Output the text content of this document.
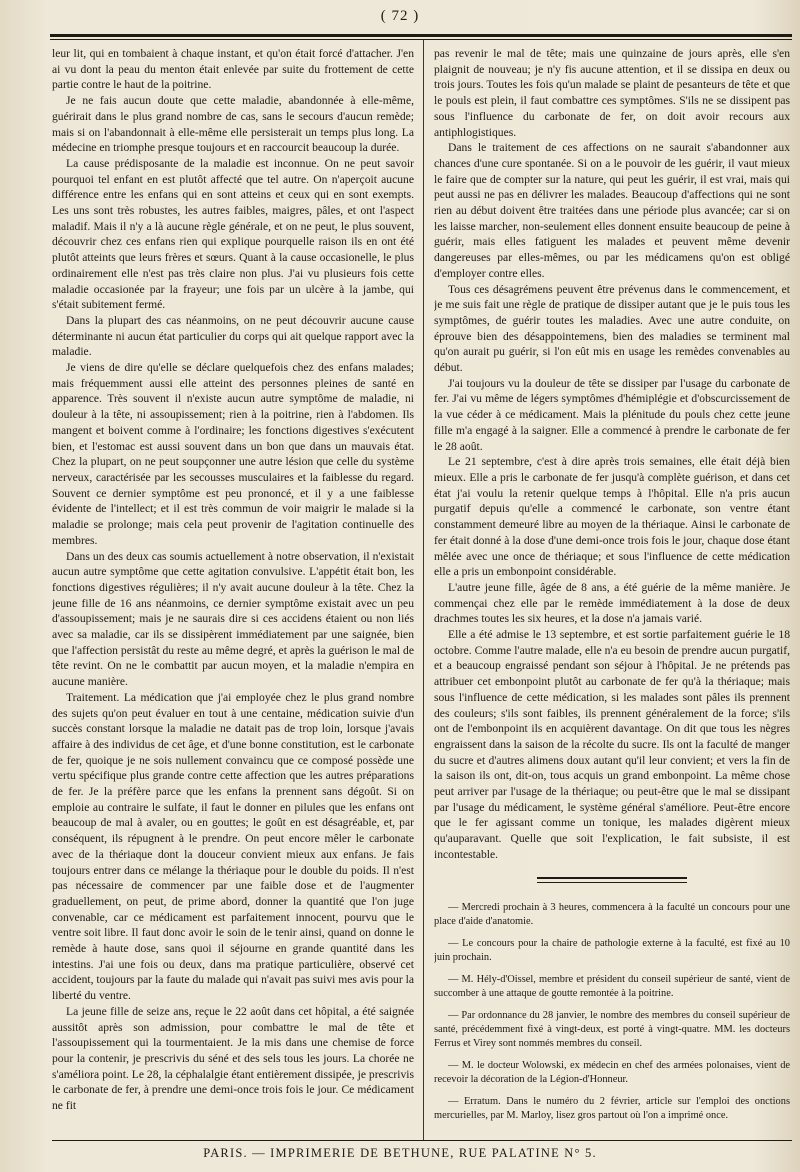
( 72 )

leur lit, qui en tombaient à chaque instant, et qu'on était forcé d'attacher. J'en ai vu dont la peau du menton était enlevée par suite du frottement de cette partie contre le haut de la poitrine.

Je ne fais aucun doute que cette maladie, abandonnée à elle-même, guérirait dans le plus grand nombre de cas, sans le secours d'aucun remède; mais si on l'abandonnait à elle-même elle persisterait un temps plus long. La médecine en triomphe presque toujours et en raccourcit beaucoup la durée.

La cause prédisposante de la maladie est inconnue. On ne peut savoir pourquoi tel enfant en est plutôt affecté que tel autre. On n'aperçoit aucune différence entre les enfans qui en sont atteins et ceux qui en sont exempts. Les uns sont très robustes, les autres faibles, maigres, pâles, et ont l'aspect maladif. Mais il n'y a là aucune règle générale, et on ne peut, le plus souvent, découvrir chez ces enfans rien qui explique pourquelle raison ils en ont été plutôt atteints que leurs frères et sœurs. Quant à la cause occasionelle, le plus ordinairement elle n'est pas très claire non plus. J'ai vu plusieurs fois cette maladie occasionée par la frayeur; une fois par un ulcère à la jambe, qui s'était subitement fermé.

Dans la plupart des cas néanmoins, on ne peut découvrir aucune cause déterminante ni aucun état particulier du corps qui ait quelque rapport avec la maladie.

Je viens de dire qu'elle se déclare quelquefois chez des enfans malades; mais fréquemment aussi elle atteint des personnes pleines de santé en apparence. Très souvent il n'existe aucun autre symptôme de maladie, ni douleur à la tête, ni assoupissement; rien à la poitrine, rien à l'abdomen. Ils mangent et boivent comme à l'ordinaire; les fonctions digestives s'exécutent bien, et l'estomac est aussi souvent dans un bon que dans un mauvais état. Chez la plupart, on ne peut soupçonner une autre lésion que celle du système nerveux, caractérisée par les secousses musculaires et la faiblesse du regard. Souvent ce dernier symptôme est peu prononcé, et il y a une faiblesse évidente de l'intellect; et il est très commun de voir maigrir le malade si la maladie se prolonge; mais cela peut provenir de l'agitation continuelle des membres.

Dans un des deux cas soumis actuellement à notre observation, il n'existait aucun autre symptôme que cette agitation convulsive. L'appétit était bon, les fonctions digestives régulières; il n'y avait aucune douleur à la tête. Chez la jeune fille de 16 ans néanmoins, ce dernier symptôme existait avec un peu d'assoupissement; mais je ne saurais dire si ces accidens étaient ou non liés avec sa maladie, car ils se dissipèrent immédiatement par une saignée, bien que l'affection persistât du reste au même degré, et après la guérison le mal de tête revint. On ne le combattit par aucun moyen, et la maladie n'empira en aucune manière.

Traitement. La médication que j'ai employée chez le plus grand nombre des sujets qu'on peut évaluer en tout à une centaine, médication suivie d'un succès constant lorsque la maladie ne datait pas de trop loin, lorsque j'avais affaire à des individus de cet âge, et d'une bonne constitution, est le carbonate de fer, quoique je ne sois nullement convaincu que ce composé possède une vertu spécifique plus grande contre cette affection que les autres préparations de fer. Je la préfère parce que les enfans la prennent sans dégoût. Si on emploie au contraire le sulfate, il faut le donner en pilules que les enfans ont beaucoup de mal à avaler, ou en gouttes; le goût en est désagréable, et, par conséquent, ils répugnent à le prendre. On peut encore mêler le carbonate avec de la thériaque dont la douceur convient mieux aux enfans. Je fais toujours entrer dans ce mélange la thériaque pour le double du poids. Il n'est pas nécessaire de commencer par une faible dose et de l'augmenter graduellement, on peut, de prime abord, donner la quantité que l'on juge convenable, car ce médicament est parfaitement innocent, pourvu que le ventre soit libre. Il faut donc avoir le soin de le tenir ainsi, quand on donne le remède à haute dose, sans quoi il séjourne en grande quantité dans les intestins. J'ai une fois ou deux, dans ma pratique particulière, observé cet accident, toujours par la faute du malade qui n'avait pas suivi mes avis pour la liberté du ventre.

La jeune fille de seize ans, reçue le 22 août dans cet hôpital, a été saignée aussitôt après son admission, pour combattre le mal de tête et l'assoupissement qui la tourmentaient. Je la mis dans une chemise de force pour la contenir, je prescrivis du séné et des sels tous les jours. La chorée ne s'améliora point. Le 28, la céphalalgie étant entièrement dissipée, je prescrivis le carbonate de fer, à prendre une demi-once trois fois le jour. Ce médicament ne fit

pas revenir le mal de tête; mais une quinzaine de jours après, elle s'en plaignit de nouveau; je n'y fis aucune attention, et il se dissipa en deux ou trois jours. Toutes les fois qu'un malade se plaint de pesanteurs de tête et que le pouls est plein, il faut combattre ces symptômes. S'ils ne se dissipent pas sous l'influence du carbonate de fer, on doit avoir recours aux antiphlogistiques.

Dans le traitement de ces affections on ne saurait s'abandonner aux chances d'une cure spontanée. Si on a le pouvoir de les guérir, il vaut mieux le faire que de compter sur la nature, qui peut les guérir, il est vrai, mais qui peut aussi ne pas en délivrer les malades. Beaucoup d'affections qui ne sont rien au début doivent être traitées dans une période plus avancée; car si on les laisse marcher, non-seulement elles donnent ensuite beaucoup de peine à guérir, mais elles fatiguent les malades et peuvent même devenir dangereuses par elles-mêmes, ou par les médicamens qu'on est obligé d'employer contre elles.

Tous ces désagrémens peuvent être prévenus dans le commencement, et je me suis fait une règle de pratique de dissiper autant que je le puis tous les symptômes, de guérir toutes les maladies. Avec une autre conduite, on éprouve bien des désappointemens, bien des maladies se terminent mal qu'on aurait pu guérir, si l'on eût mis en usage les remèdes convenables au début.

J'ai toujours vu la douleur de tête se dissiper par l'usage du carbonate de fer. J'ai vu même de légers symptômes d'hémiplégie et d'obscurcissement de la vue céder à ce médicament. Mais la plénitude du pouls chez cette jeune fille m'a engagé à la saigner. Elle a commencé à prendre le carbonate de fer le 28 août.

Le 21 septembre, c'est à dire après trois semaines, elle était déjà bien mieux. Elle a pris le carbonate de fer jusqu'à complète guérison, et dans cet état j'ai voulu la retenir quelque temps à l'hôpital. Elle n'a pris aucun purgatif depuis qu'elle a commencé le carbonate, son ventre étant constamment demeuré libre au moyen de la thériaque. Ainsi le carbonate de fer était donné à la dose d'une demi-once trois fois le jour, chaque dose étant mêlée avec une once de thériaque; et sous l'influence de cette médication elle a pris un embonpoint considérable.

L'autre jeune fille, âgée de 8 ans, a été guérie de la même manière. Je commençai chez elle par le remède immédiatement à la dose de deux drachmes toutes les six heures, et la dose n'a jamais varié.

Elle a été admise le 13 septembre, et est sortie parfaitement guérie le 18 octobre. Comme l'autre malade, elle n'a eu besoin de prendre aucun purgatif, et a beaucoup engraissé pendant son séjour à l'hôpital. Je ne prétends pas attribuer cet embonpoint plutôt au carbonate de fer qu'à la thériaque; mais sous l'influence de cette médication, si les malades sont pâles ils prennent des couleurs; s'ils sont faibles, ils prennent généralement de la force; s'ils ont de l'embonpoint ils en acquièrent davantage. On dit que tous les nègres engraissent dans la saison de la récolte du sucre. Ils ont la faculté de manger du sucre et d'autres alimens doux autant qu'il leur convient; et vers la fin de la saison ils ont, dit-on, tous acquis un grand embonpoint. La même chose peut arriver par l'usage de la thériaque; ou peut-être que le mal se dissipant par l'usage du médicament, le système général s'améliore. Peut-être encore que le fer agissant comme un tonique, les malades digèrent mieux qu'auparavant. Quelle que soit l'explication, le fait subsiste, il est incontestable.

— Mercredi prochain à 3 heures, commencera à la faculté un concours pour une place d'aide d'anatomie.

— Le concours pour la chaire de pathologie externe à la faculté, est fixé au 10 juin prochain.

— M. Hély-d'Oissel, membre et président du conseil supérieur de santé, vient de succomber à une attaque de goutte remontée à la poitrine.

— Par ordonnance du 28 janvier, le nombre des membres du conseil supérieur de santé, précédemment fixé à vingt-deux, est porté à vingt-quatre. MM. les docteurs Ferrus et Virey sont nommés membres du conseil.

— M. le docteur Wolowski, ex médecin en chef des armées polonaises, vient de recevoir la décoration de la Légion-d'Honneur.

— Erratum. Dans le numéro du 2 février, article sur l'emploi des onctions mercurielles, par M. Marloy, lisez gros partout où l'on a imprimé once.

PARIS. — IMPRIMERIE DE BETHUNE, RUE PALATINE N° 5.
